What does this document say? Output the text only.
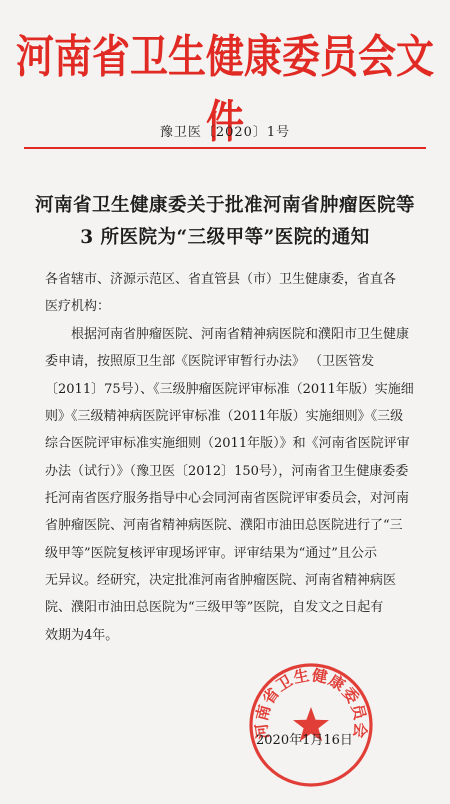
河南省卫生健康委员会文件
豫卫医〔2020〕1号
河南省卫生健康委关于批准河南省肿瘤医院等
3 所医院为“三级甲等”医院的通知
各省辖市、济源示范区、省直管县（市）卫生健康委，省直各
医疗机构：
根据河南省肿瘤医院、河南省精神病医院和濮阳市卫生健康
委申请，按照原卫生部《医院评审暂行办法》 （卫医管发
〔2011〕75号）、《三级肿瘤医院评审标准（2011年版）实施细
则》《三级精神病医院评审标准（2011年版）实施细则》《三级
综合医院评审标准实施细则（2011年版）》和《河南省医院评审
办法（试行）》（豫卫医〔2012〕150号），河南省卫生健康委委
托河南省医疗服务指导中心会同河南省医院评审委员会，对河南
省肿瘤医院、河南省精神病医院、濮阳市油田总医院进行了“三
级甲等”医院复核评审现场评审。评审结果为“通过”且公示
无异议。经研究，决定批准河南省肿瘤医院、河南省精神病医
院、濮阳市油田总医院为“三级甲等”医院，自发文之日起有
效期为4年。
河南省卫生健康委员会
2020年1月16日
